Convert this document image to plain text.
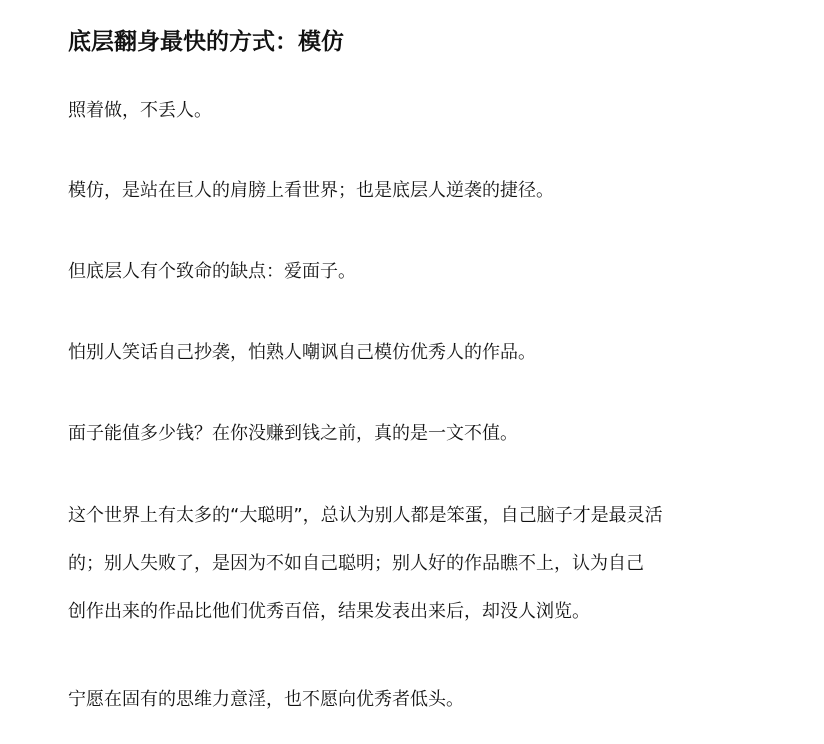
底层翻身最快的方式：模仿

照着做，不丢人。

模仿，是站在巨人的肩膀上看世界；也是底层人逆袭的捷径。

但底层人有个致命的缺点：爱面子。

怕别人笑话自己抄袭，怕熟人嘲讽自己模仿优秀人的作品。

面子能值多少钱？在你没赚到钱之前，真的是一文不值。

这个世界上有太多的“大聪明”，总认为别人都是笨蛋，自己脑子才是最灵活
的；别人失败了，是因为不如自己聪明；别人好的作品瞧不上，认为自己
创作出来的作品比他们优秀百倍，结果发表出来后，却没人浏览。

宁愿在固有的思维力意淫，也不愿向优秀者低头。
